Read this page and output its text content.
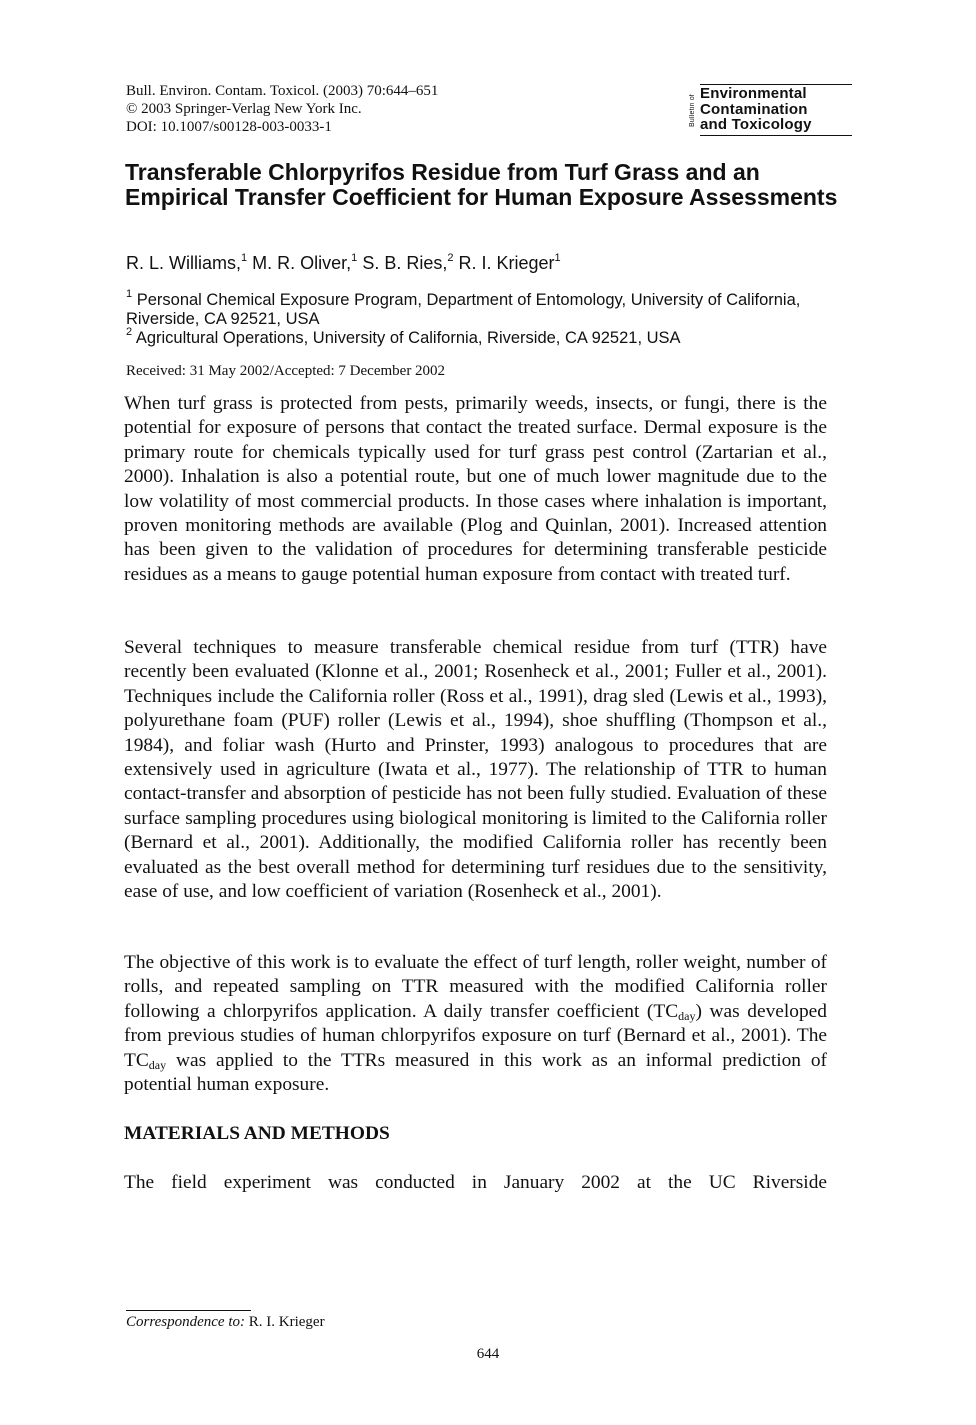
Bull. Environ. Contam. Toxicol. (2003) 70:644–651
© 2003 Springer-Verlag New York Inc.
DOI: 10.1007/s00128-003-0033-1	Bulletin of
Environmental
Contamination
and Toxicology
Transferable Chlorpyrifos Residue from Turf Grass and an Empirical Transfer Coefficient for Human Exposure Assessments
R. L. Williams,$^1$ M. R. Oliver,$^1$ S. B. Ries,$^2$ R. I. Krieger$^1$
$^1$ Personal Chemical Exposure Program, Department of Entomology, University of California, Riverside, CA 92521, USA
$^2$ Agricultural Operations, University of California, Riverside, CA 92521, USA
Received: 31 May 2002/Accepted: 7 December 2002

When turf grass is protected from pests, primarily weeds, insects, or fungi, there is the potential for exposure of persons that contact the treated surface. Dermal exposure is the primary route for chemicals typically used for turf grass pest control (Zartarian et al., 2000). Inhalation is also a potential route, but one of much lower magnitude due to the low volatility of most commercial products. In those cases where inhalation is important, proven monitoring methods are available (Plog and Quinlan, 2001). Increased attention has been given to the validation of procedures for determining transferable pesticide residues as a means to gauge potential human exposure from contact with treated turf.

Several techniques to measure transferable chemical residue from turf (TTR) have recently been evaluated (Klonne et al., 2001; Rosenheck et al., 2001; Fuller et al., 2001). Techniques include the California roller (Ross et al., 1991), drag sled (Lewis et al., 1993), polyurethane foam (PUF) roller (Lewis et al., 1994), shoe shuffling (Thompson et al., 1984), and foliar wash (Hurto and Prinster, 1993) analogous to procedures that are extensively used in agriculture (Iwata et al., 1977). The relationship of TTR to human contact-transfer and absorption of pesticide has not been fully studied. Evaluation of these surface sampling procedures using biological monitoring is limited to the California roller (Bernard et al., 2001). Additionally, the modified California roller has recently been evaluated as the best overall method for determining turf residues due to the sensitivity, ease of use, and low coefficient of variation (Rosenheck et al., 2001).

The objective of this work is to evaluate the effect of turf length, roller weight, number of rolls, and repeated sampling on TTR measured with the modified California roller following a chlorpyrifos application. A daily transfer coefficient $(TC_{day})$ was developed from previous studies of human chlorpyrifos exposure on turf (Bernard et al., 2001). The $TC_{day}$ was applied to the TTRs measured in this work as an informal prediction of potential human exposure.

MATERIALS AND METHODS
The field experiment was conducted in January 2002 at the UC Riverside
Correspondence to: R. I. Krieger
644
